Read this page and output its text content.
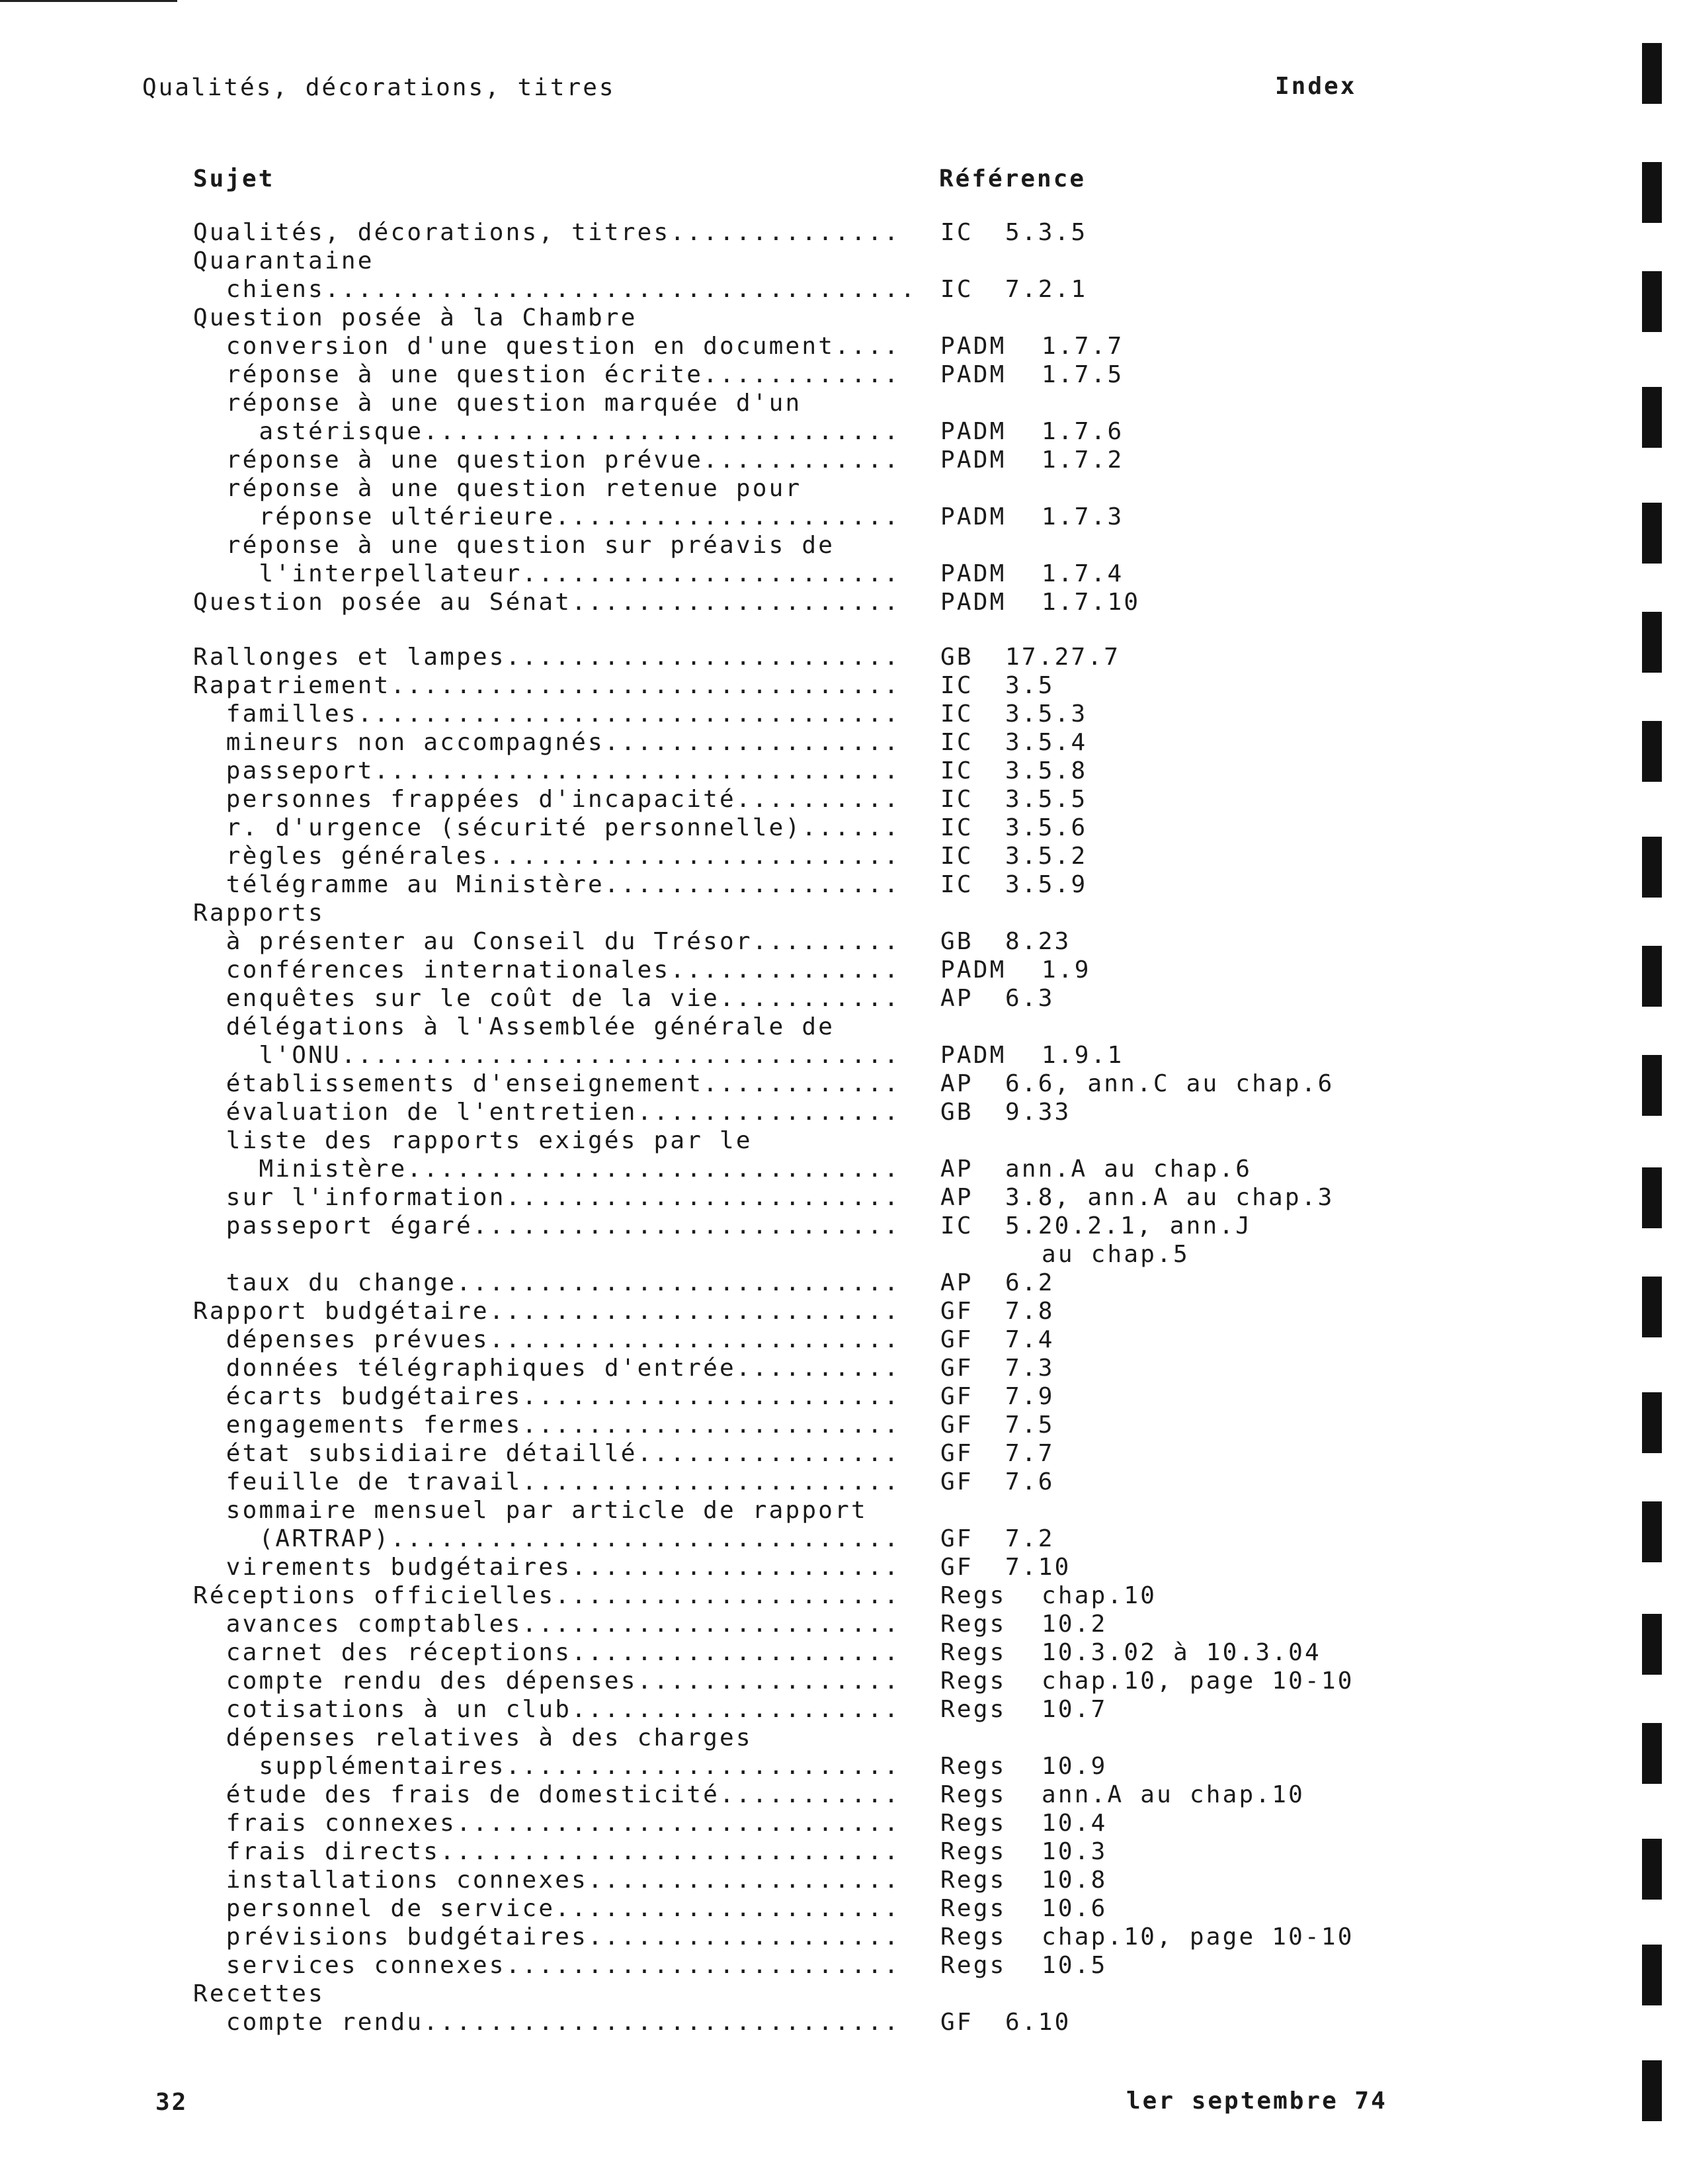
Qualités, décorations, titres	Index
Sujet	Référence
Qualités, décorations, titres.............. IC 5.3.5
Quarantaine
chiens.................................... IC 7.2.1
Question posée à la Chambre
conversion d'une question en document.... PADM 1.7.7
réponse à une question écrite............ PADM 1.7.5
réponse à une question marquée d'un
astérisque............................. PADM 1.7.6
réponse à une question prévue............ PADM 1.7.2
réponse à une question retenue pour
réponse ultérieure..................... PADM 1.7.3
réponse à une question sur préavis de
l'interpellateur....................... PADM 1.7.4
Question posée au Sénat.................... PADM 1.7.10
Rallonges et lampes........................ GB 17.27.7
Rapatriement............................... IC 3.5
familles................................. IC 3.5.3
mineurs non accompagnés.................. IC 3.5.4
passeport................................ IC 3.5.8
personnes frappées d'incapacité.......... IC 3.5.5
r. d'urgence (sécurité personnelle)...... IC 3.5.6
règles générales......................... IC 3.5.2
télégramme au Ministère.................. IC 3.5.9
Rapports
à présenter au Conseil du Trésor......... GB 8.23
conférences internationales.............. PADM 1.9
enquêtes sur le coût de la vie........... AP 6.3
délégations à l'Assemblée générale de
l'ONU.................................. PADM 1.9.1
établissements d'enseignement............ AP 6.6, ann.C au chap.6
évaluation de l'entretien................ GB 9.33
liste des rapports exigés par le
Ministère.............................. AP ann.A au chap.6
sur l'information........................ AP 3.8, ann.A au chap.3
passeport égaré.......................... IC 5.20.2.1, ann.J
au chap.5
taux du change........................... AP 6.2
Rapport budgétaire......................... GF 7.8
dépenses prévues......................... GF 7.4
données télégraphiques d'entrée.......... GF 7.3
écarts budgétaires....................... GF 7.9
engagements fermes....................... GF 7.5
état subsidiaire détaillé................ GF 7.7
feuille de travail....................... GF 7.6
sommaire mensuel par article de rapport
(ARTRAP)............................... GF 7.2
virements budgétaires.................... GF 7.10
Réceptions officielles..................... Regs chap.10
avances comptables....................... Regs 10.2
carnet des réceptions.................... Regs 10.3.02 à 10.3.04
compte rendu des dépenses................ Regs chap.10, page 10-10
cotisations à un club.................... Regs 10.7
dépenses relatives à des charges
supplémentaires........................ Regs 10.9
étude des frais de domesticité........... Regs ann.A au chap.10
frais connexes........................... Regs 10.4
frais directs............................ Regs 10.3
installations connexes................... Regs 10.8
personnel de service..................... Regs 10.6
prévisions budgétaires................... Regs chap.10, page 10-10
services connexes........................ Regs 10.5
Recettes
compte rendu............................. GF 6.10
32	ler septembre 74
